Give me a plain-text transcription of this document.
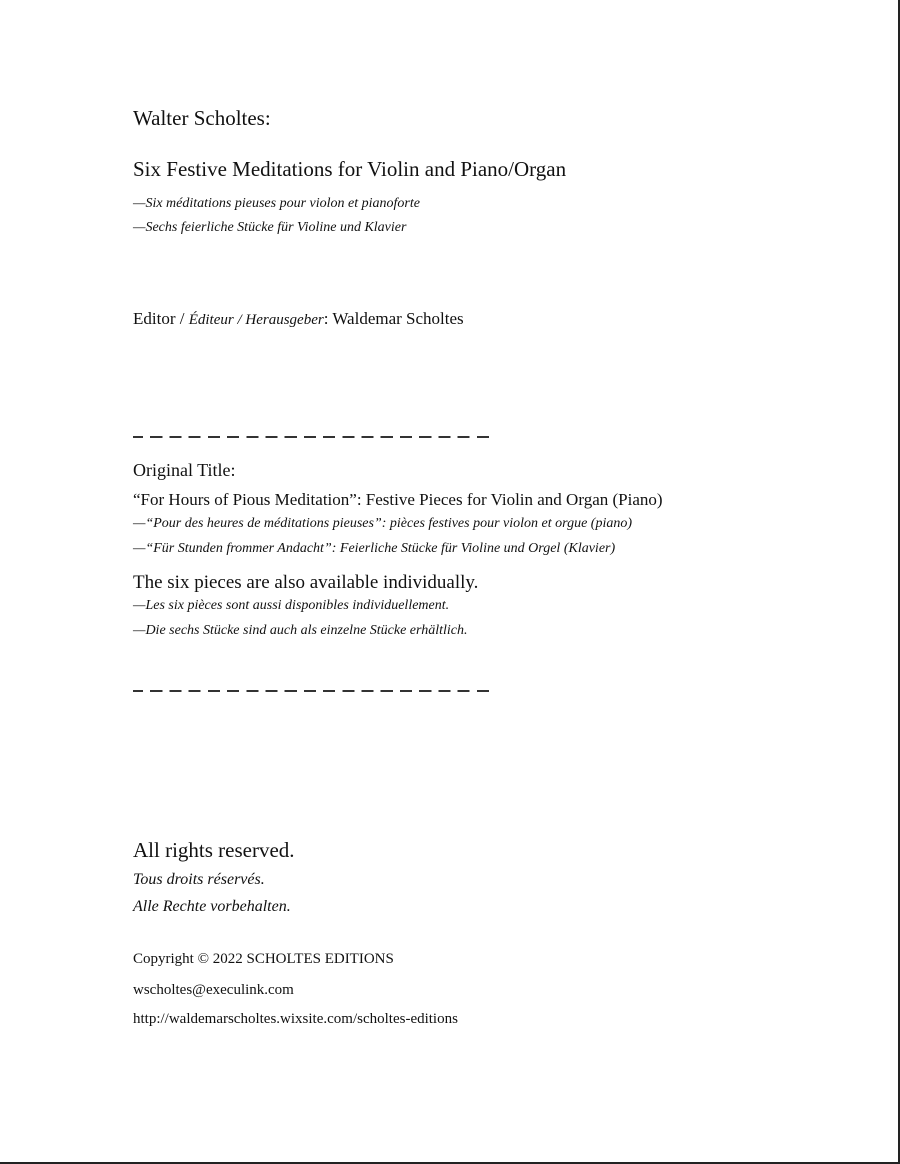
Walter Scholtes:
Six Festive Meditations for Violin and Piano/Organ
—Six méditations pieuses pour violon et pianoforte
—Sechs feierliche Stücke für Violine und Klavier
Editor / Éditeur / Herausgeber: Waldemar Scholtes
Original Title:
“For Hours of Pious Meditation”: Festive Pieces for Violin and Organ (Piano)
—“Pour des heures de méditations pieuses”: pièces festives pour violon et orgue (piano)
—“Für Stunden frommer Andacht”: Feierliche Stücke für Violine und Orgel (Klavier)
The six pieces are also available individually.
—Les six pièces sont aussi disponibles individuellement.
—Die sechs Stücke sind auch als einzelne Stücke erhältlich.
All rights reserved.
Tous droits réservés.
Alle Rechte vorbehalten.
Copyright © 2022 SCHOLTES EDITIONS
wscholtes@execulink.com
http://waldemarscholtes.wixsite.com/scholtes-editions
